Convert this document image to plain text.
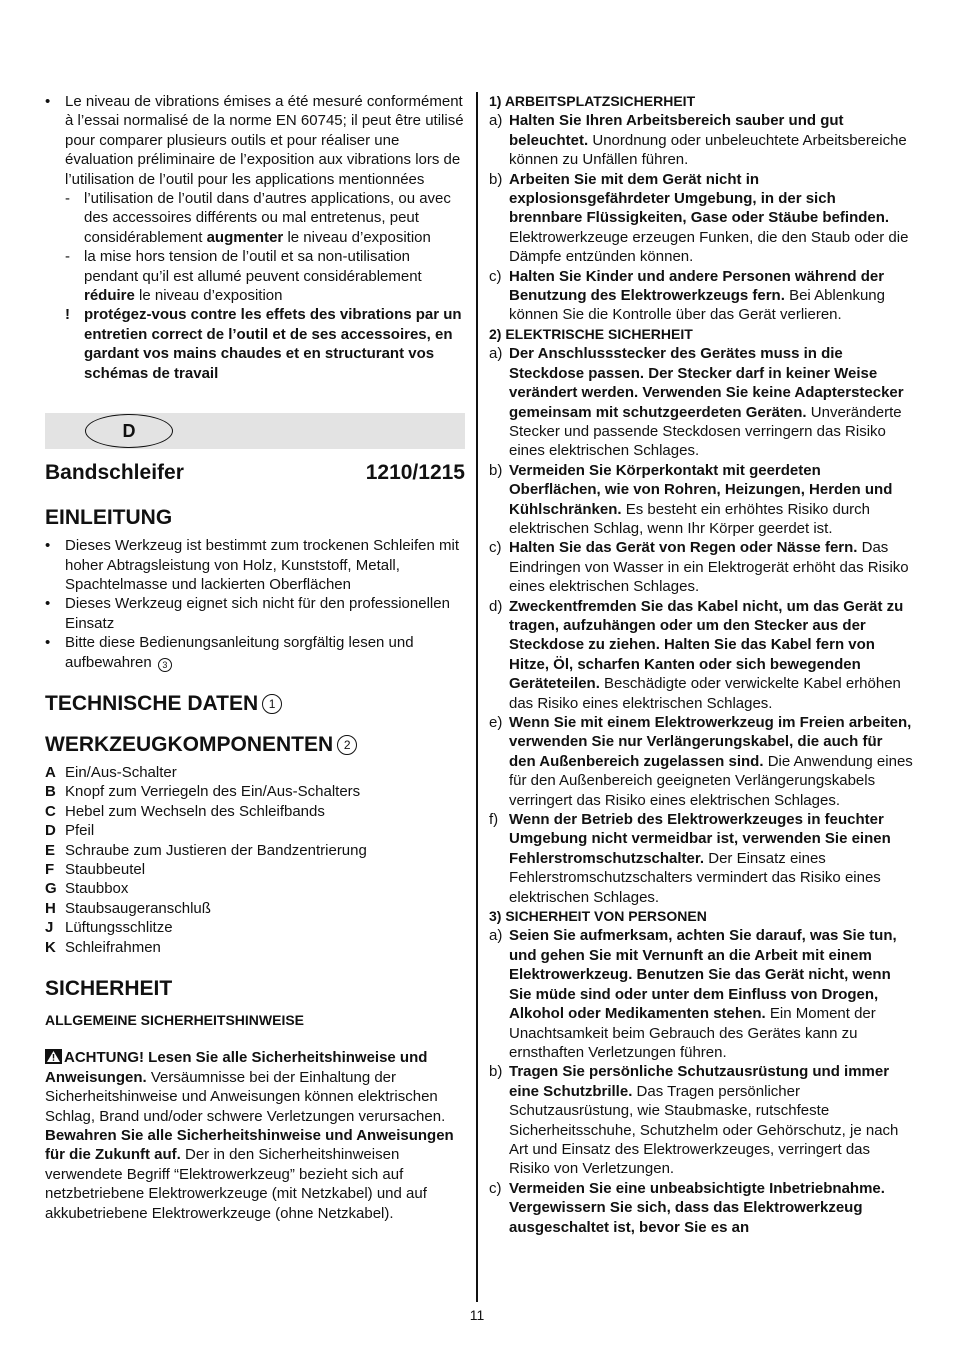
• Le niveau de vibrations émises a été mesuré conformément à l’essai normalisé de la norme EN 60745; il peut être utilisé pour comparer plusieurs outils et pour réaliser une évaluation préliminaire de l’exposition aux vibrations lors de l’utilisation de l’outil pour les applications mentionnées
- l’utilisation de l’outil dans d’autres applications, ou avec des accessoires différents ou mal entretenus, peut considérablement augmenter le niveau d’exposition
- la mise hors tension de l’outil et sa non-utilisation pendant qu’il est allumé peuvent considérablement réduire le niveau d’exposition
! protégez-vous contre les effets des vibrations par un entretien correct de l’outil et de ses accessoires, en gardant vos mains chaudes et en structurant vos schémas de travail
D
Bandschleifer	1210/1215
EINLEITUNG
• Dieses Werkzeug ist bestimmt zum trockenen Schleifen mit hoher Abtragsleistung von Holz, Kunststoff, Metall, Spachtelmasse und lackierten Oberflächen
• Dieses Werkzeug eignet sich nicht für den professionellen Einsatz
• Bitte diese Bedienungsanleitung sorgfältig lesen und aufbewahren 3
TECHNISCHE DATEN 1
WERKZEUGKOMPONENTEN 2
A Ein/Aus-Schalter
B Knopf zum Verriegeln des Ein/Aus-Schalters
C Hebel zum Wechseln des Schleifbands
D Pfeil
E Schraube zum Justieren der Bandzentrierung
F Staubbeutel
G Staubbox
H Staubsaugeranschluß
J Lüftungsschlitze
K Schleifrahmen
SICHERHEIT
ALLGEMEINE SICHERHEITSHINWEISE
ACHTUNG! Lesen Sie alle Sicherheitshinweise und Anweisungen. Versäumnisse bei der Einhaltung der Sicherheitshinweise und Anweisungen können elektrischen Schlag, Brand und/oder schwere Verletzungen verursachen. Bewahren Sie alle Sicherheitshinweise und Anweisungen für die Zukunft auf. Der in den Sicherheitshinweisen verwendete Begriff “Elektrowerkzeug” bezieht sich auf netzbetriebene Elektrowerkzeuge (mit Netzkabel) und auf akkubetriebene Elektrowerkzeuge (ohne Netzkabel).
1) ARBEITSPLATZSICHERHEIT
a) Halten Sie Ihren Arbeitsbereich sauber und gut beleuchtet. Unordnung oder unbeleuchtete Arbeitsbereiche können zu Unfällen führen.
b) Arbeiten Sie mit dem Gerät nicht in explosionsgefährdeter Umgebung, in der sich brennbare Flüssigkeiten, Gase oder Stäube befinden. Elektrowerkzeuge erzeugen Funken, die den Staub oder die Dämpfe entzünden können.
c) Halten Sie Kinder und andere Personen während der Benutzung des Elektrowerkzeugs fern. Bei Ablenkung können Sie die Kontrolle über das Gerät verlieren.
2) ELEKTRISCHE SICHERHEIT
a) Der Anschlussstecker des Gerätes muss in die Steckdose passen. Der Stecker darf in keiner Weise verändert werden. Verwenden Sie keine Adapterstecker gemeinsam mit schutzgeerdeten Geräten. Unveränderte Stecker und passende Steckdosen verringern das Risiko eines elektrischen Schlages.
b) Vermeiden Sie Körperkontakt mit geerdeten Oberflächen, wie von Rohren, Heizungen, Herden und Kühlschränken. Es besteht ein erhöhtes Risiko durch elektrischen Schlag, wenn Ihr Körper geerdet ist.
c) Halten Sie das Gerät von Regen oder Nässe fern. Das Eindringen von Wasser in ein Elektrogerät erhöht das Risiko eines elektrischen Schlages.
d) Zweckentfremden Sie das Kabel nicht, um das Gerät zu tragen, aufzuhängen oder um den Stecker aus der Steckdose zu ziehen. Halten Sie das Kabel fern von Hitze, Öl, scharfen Kanten oder sich bewegenden Geräteteilen. Beschädigte oder verwickelte Kabel erhöhen das Risiko eines elektrischen Schlages.
e) Wenn Sie mit einem Elektrowerkzeug im Freien arbeiten, verwenden Sie nur Verlängerungskabel, die auch für den Außenbereich zugelassen sind. Die Anwendung eines für den Außenbereich geeigneten Verlängerungskabels verringert das Risiko eines elektrischen Schlages.
f) Wenn der Betrieb des Elektrowerkzeuges in feuchter Umgebung nicht vermeidbar ist, verwenden Sie einen Fehlerstromschutzschalter. Der Einsatz eines Fehlerstromschutzschalters vermindert das Risiko eines elektrischen Schlages.
3) SICHERHEIT VON PERSONEN
a) Seien Sie aufmerksam, achten Sie darauf, was Sie tun, und gehen Sie mit Vernunft an die Arbeit mit einem Elektrowerkzeug. Benutzen Sie das Gerät nicht, wenn Sie müde sind oder unter dem Einfluss von Drogen, Alkohol oder Medikamenten stehen. Ein Moment der Unachtsamkeit beim Gebrauch des Gerätes kann zu ernsthaften Verletzungen führen.
b) Tragen Sie persönliche Schutzausrüstung und immer eine Schutzbrille. Das Tragen persönlicher Schutzausrüstung, wie Staubmaske, rutschfeste Sicherheitsschuhe, Schutzhelm oder Gehörschutz, je nach Art und Einsatz des Elektrowerkzeuges, verringert das Risiko von Verletzungen.
c) Vermeiden Sie eine unbeabsichtigte Inbetriebnahme. Vergewissern Sie sich, dass das Elektrowerkzeug ausgeschaltet ist, bevor Sie es an
11
